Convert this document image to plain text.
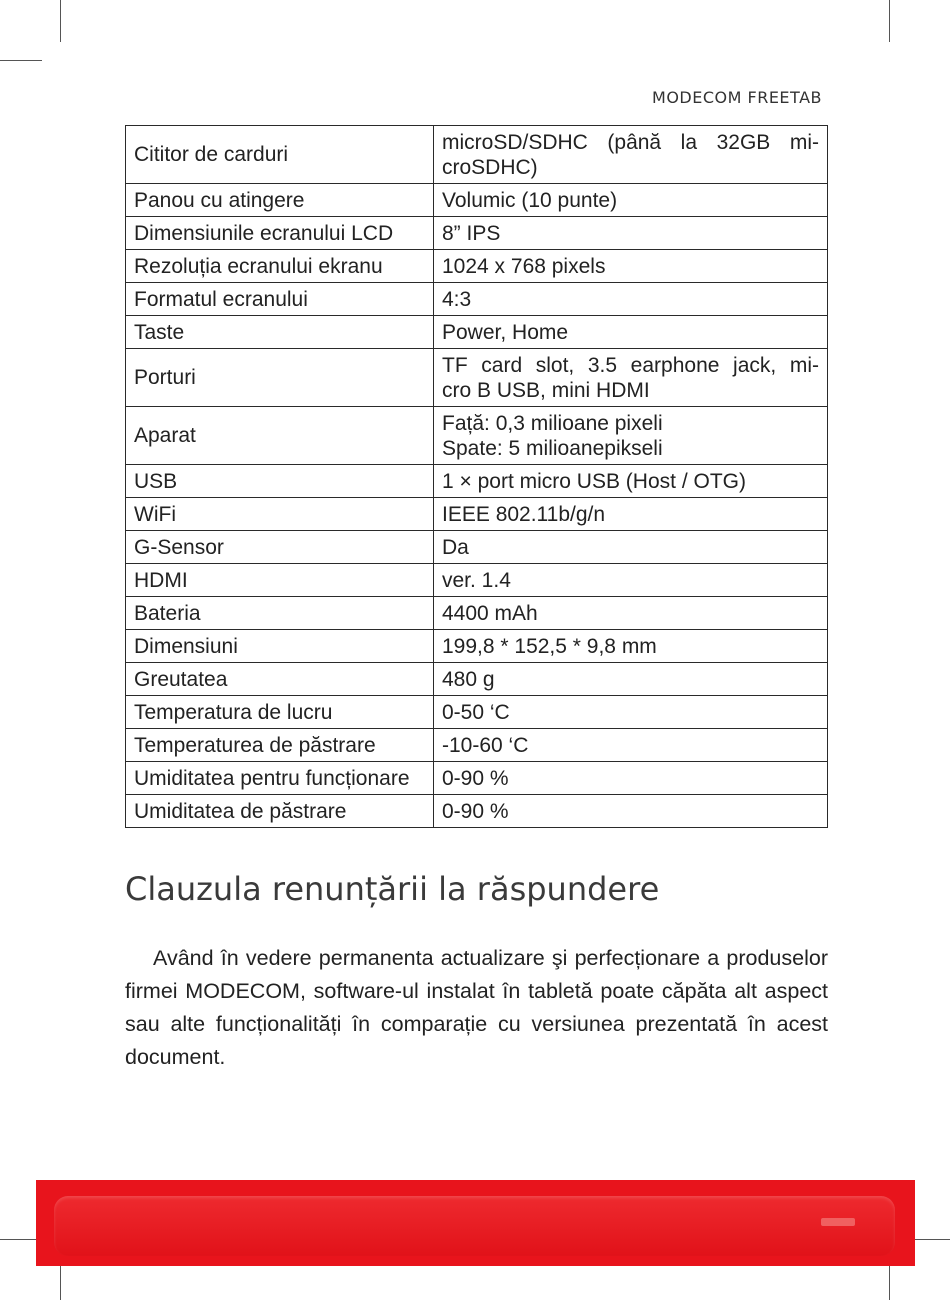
MODECOM FREETAB
Cititor de carduri	microSD/SDHC (până la 32GB mi-
croSDHC)

Panou cu atingere	Volumic (10 punte)
Dimensiunile ecranului LCD	8” IPS
Rezoluția ecranului ekranu	1024 x 768 pixels
Formatul ecranului	4:3
Taste	Power, Home
Porturi	TF card slot, 3.5 earphone jack, mi-
cro B USB, mini HDMI

Aparat	Față: 0,3 milioane pixeli
Spate: 5 milioanepikseli

USB	1 × port micro USB (Host / OTG)
WiFi	IEEE 802.11b/g/n
G-Sensor	Da
HDMI	ver. 1.4
Bateria	4400 mAh
Dimensiuni	199,8 * 152,5 * 9,8 mm
Greutatea	480 g
Temperatura de lucru	0-50 ‘C
Temperaturea de păstrare	-10-60 ‘C
Umiditatea pentru funcționare	0-90 %
Umiditatea de păstrare	0-90 %
Clauzula renunțării la răspundere

Având în vedere permanenta actualizare şi perfecționare a produselor firmei MODECOM, software-ul instalat în tabletă poate căpăta alt aspect sau alte funcționalități în comparație cu versiunea prezentată în acest document.
